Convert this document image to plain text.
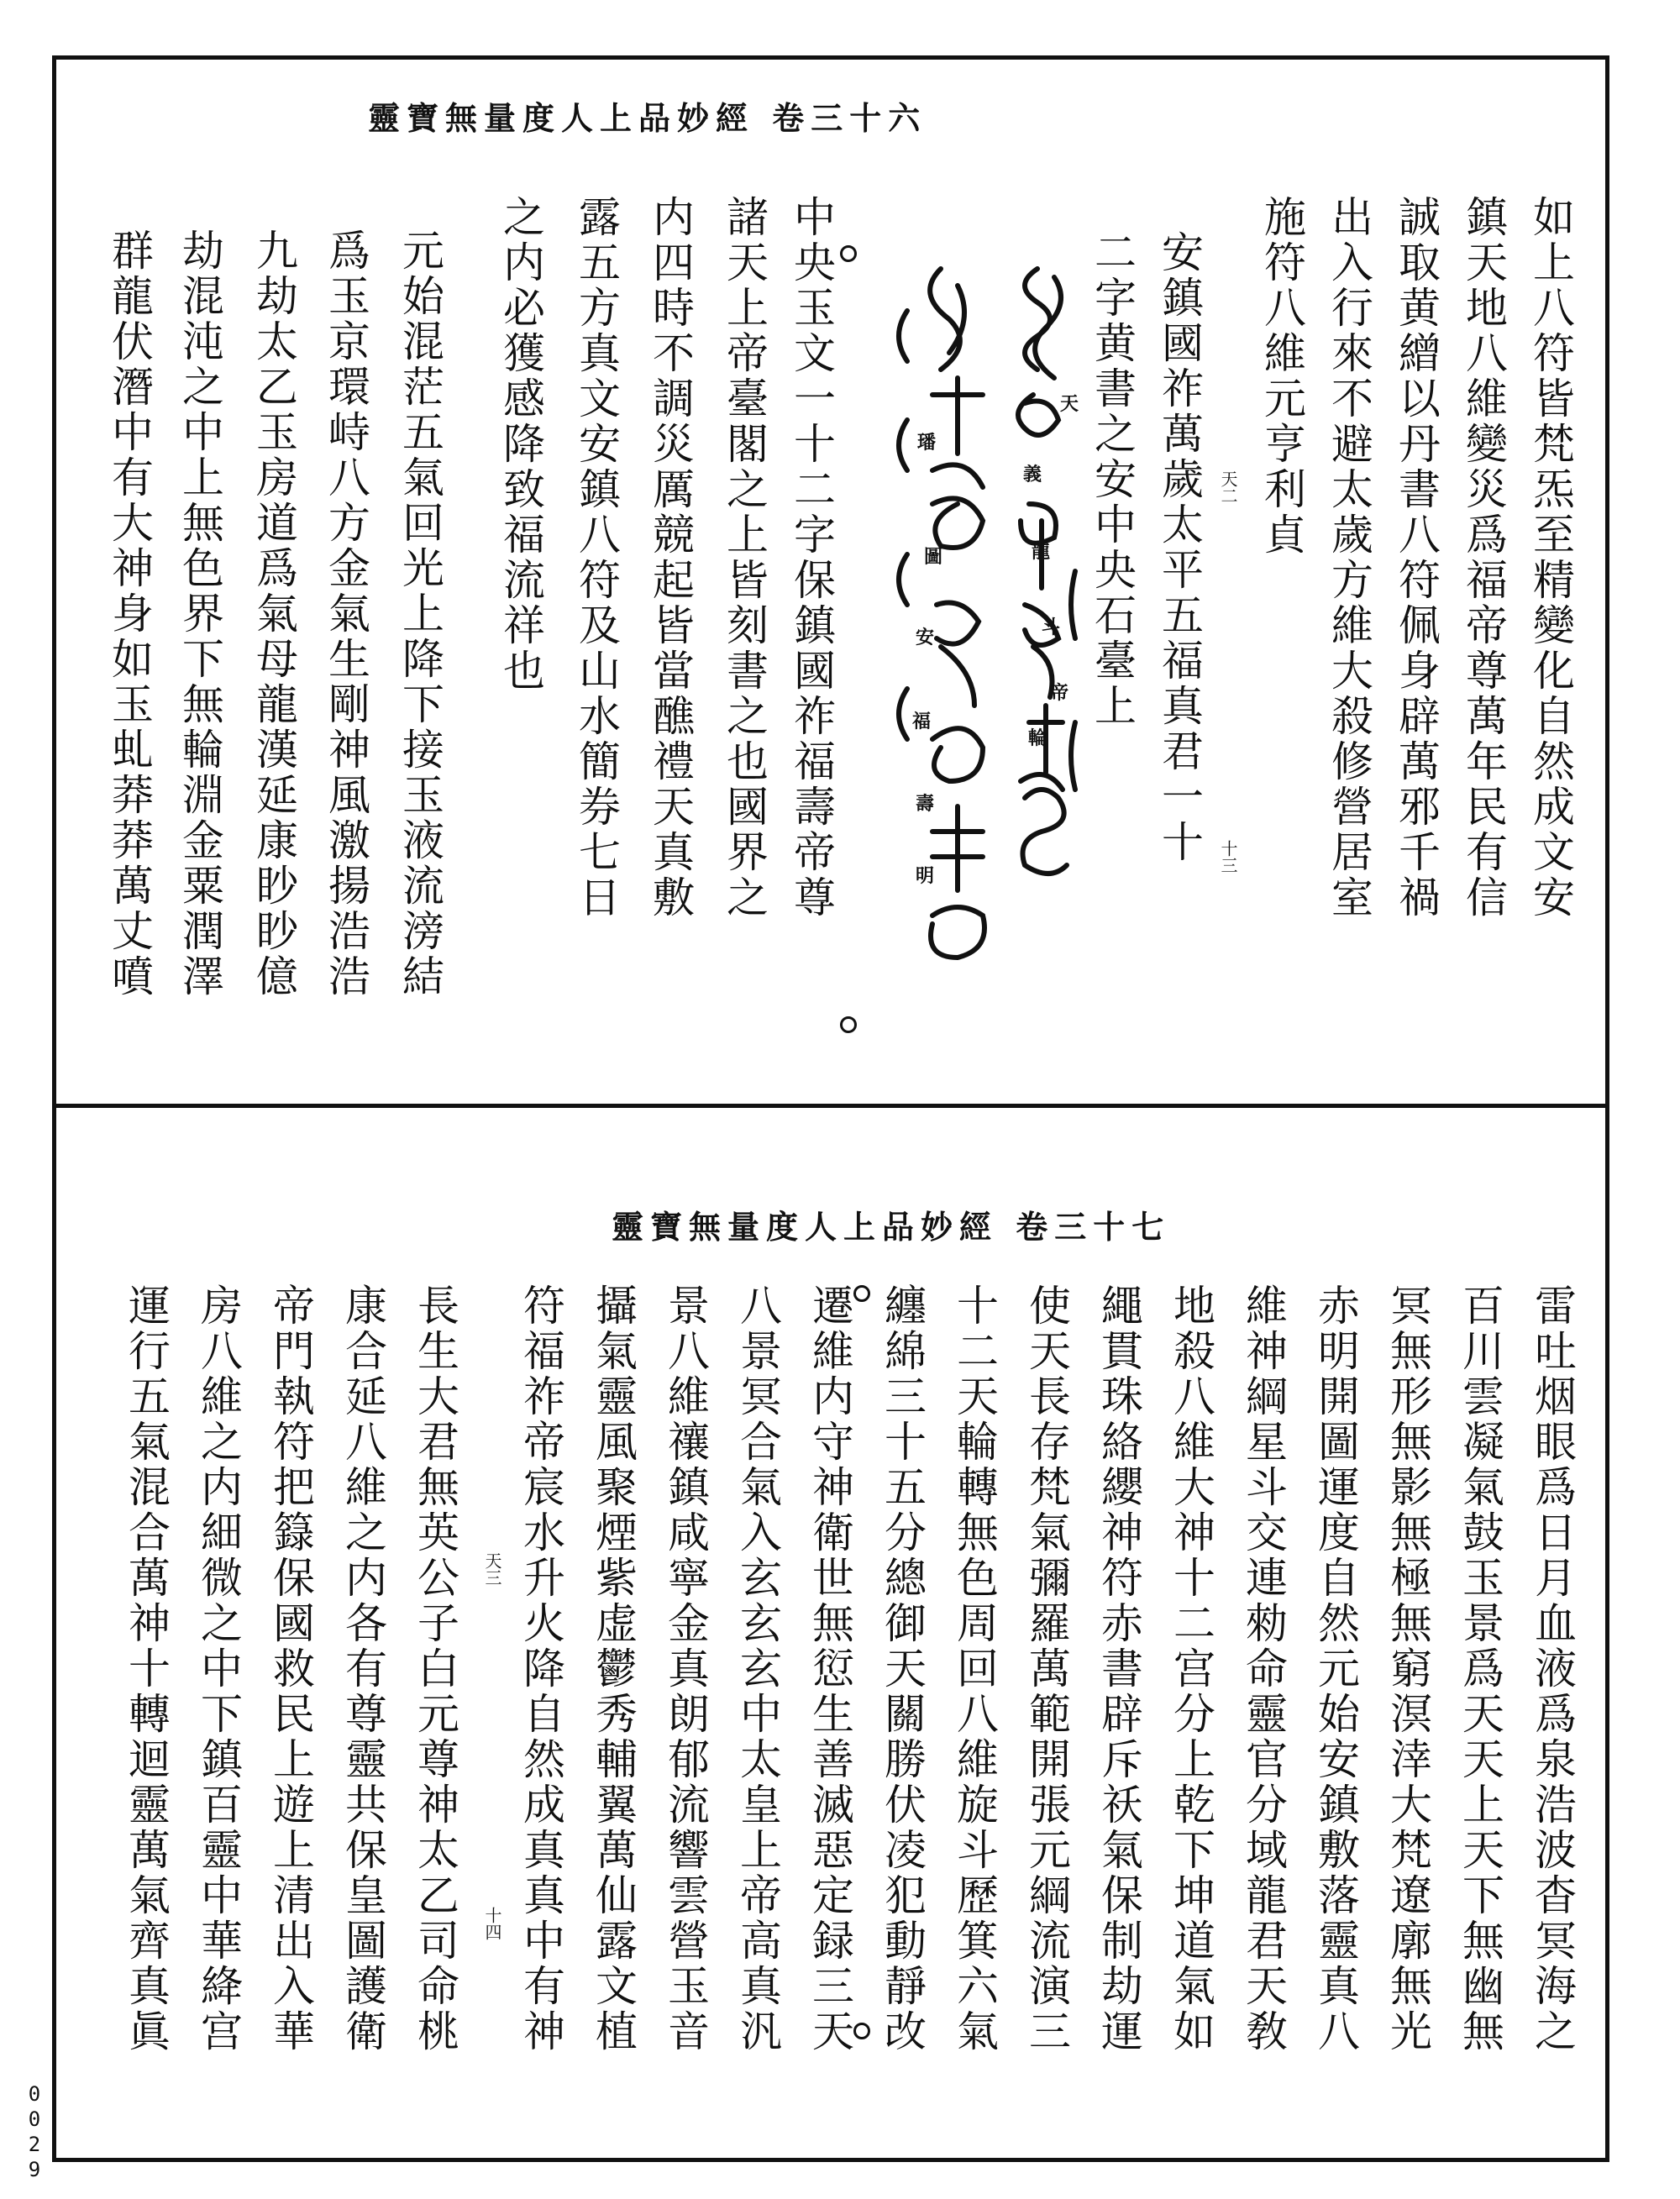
靈寶無量度人上品妙經 卷三十六
如上八符皆梵炁至精變化自然成文安
鎮天地八維變災爲福帝尊萬年民有信
誠取黄繒以丹書八符佩身辟萬邪千禍
出入行來不避太歲方維大殺修營居室
施符八維元亨利貞
安鎮國祚萬歲太平五福真君一十
二字黄書之安中央石臺上
中央玉文一十二字保鎮國祚福壽帝尊
諸天上帝臺閣之上皆刻書之也國界之
内四時不調災厲競起皆當醮禮天真敷
露五方真文安鎮八符及山水簡券七日
之内必獲感降致福流祥也
元始混茫五氣回光上降下接玉液流滂結
爲玉京環峙八方金氣生剛神風激揚浩浩
九劫太乙玉房道爲氣母龍漢延康眇眇億
劫混沌之中上無色界下無輪淵金粟潤澤
群龍伏潛中有大神身如玉虬莽莽萬丈噴	天二
十三
靈寶無量度人上品妙經 卷三十七
雷吐烟眼爲日月血液爲泉浩波杳冥海之
百川雲凝氣鼓玉景爲天天上天下無幽無
冥無形無影無極無窮溟涬大梵遼廓無光
赤明開圖運度自然元始安鎮敷落靈真八
維神綱星斗交連勑命靈官分域龍君天敎
地殺八維大神十二宫分上乾下坤道氣如
繩貫珠絡纓神符赤書辟斥祅氣保制劫運
使天長存梵氣彌羅萬範開張元綱流演三
十二天輪轉無色周回八維旋斗歷箕六氣
纏綿三十五分總御天關勝伏凌犯動靜改
遷維内守神衛世無愆生善滅惡定録三天
八景冥合氣入玄玄玄中太皇上帝高真汎
景八維禳鎮咸寧金真朗郁流響雲營玉音
攝氣靈風聚煙紫虚鬱秀輔翼萬仙露文植
符福祚帝宸水升火降自然成真真中有神
長生大君無英公子白元尊神太乙司命桃
康合延八維之内各有尊靈共保皇圖護衛
帝門執符把籙保國救民上遊上清出入華
房八維之内細微之中下鎮百靈中華絳宫
運行五氣混合萬神十轉迴靈萬氣齊真眞	天三
十四
0
0
2
9
天
義
龍
斗
帝
輪
圖
安
福
壽
明
璠
